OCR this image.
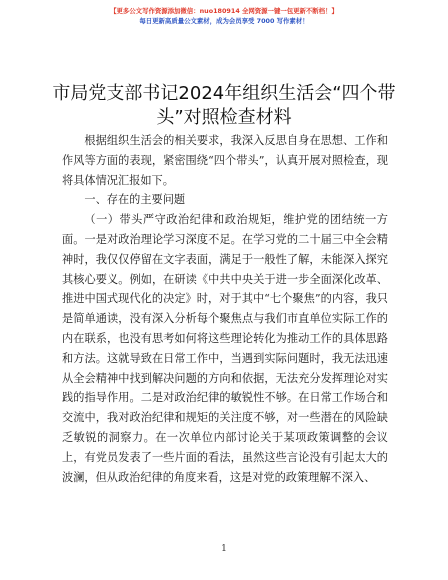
【更多公文写作资源添加微信：nuo180914 全网资源一键一包更新不断档！】
每日更新高质量公文素材，成为会员享受 7000 写作素材！
市局党支部书记2024年组织生活会“四个带头”对照检查材料

根据组织生活会的相关要求，我深入反思自身在思想、工作和作风等方面的表现，紧密围绕“四个带头”，认真开展对照检查，现将具体情况汇报如下。

一、存在的主要问题

（一）带头严守政治纪律和政治规矩，维护党的团结统一方面。一是对政治理论学习深度不足。在学习党的二十届三中全会精神时，我仅仅停留在文字表面，满足于一般性了解，未能深入探究其核心要义。例如，在研读《中共中央关于进一步全面深化改革、推进中国式现代化的决定》时，对于其中“七个聚焦”的内容，我只是简单通读，没有深入分析每个聚焦点与我们市直单位实际工作的内在联系，也没有思考如何将这些理论转化为推动工作的具体思路和方法。这就导致在日常工作中，当遇到实际问题时，我无法迅速从全会精神中找到解决问题的方向和依据，无法充分发挥理论对实践的指导作用。二是对政治纪律的敏锐性不够。在日常工作场合和交流中，我对政治纪律和规矩的关注度不够，对一些潜在的风险缺乏敏锐的洞察力。在一次单位内部讨论关于某项政策调整的会议上，有党员发表了一些片面的看法，虽然这些言论没有引起太大的波澜，但从政治纪律的角度来看，这是对党的政策理解不深入、

1
